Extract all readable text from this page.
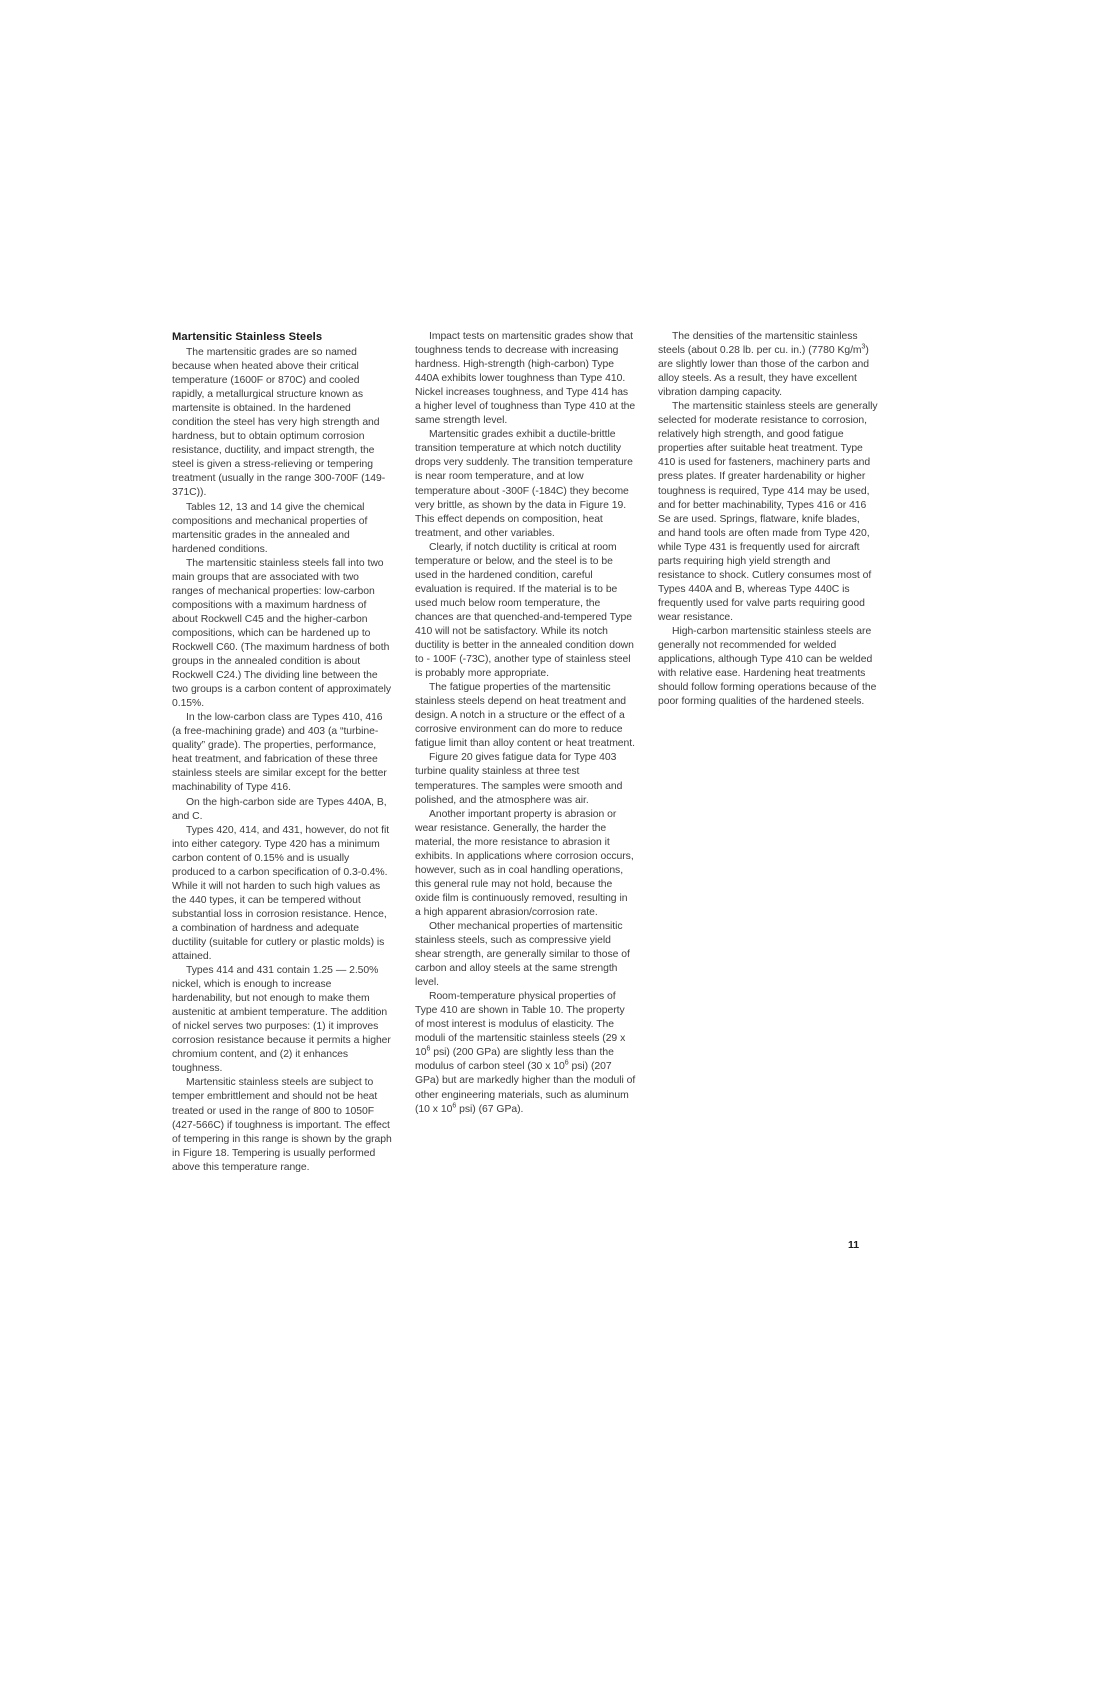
Martensitic Stainless Steels

The martensitic grades are so named because when heated above their critical temperature (1600F or 870C) and cooled rapidly, a metallurgical structure known as martensite is obtained. In the hardened condition the steel has very high strength and hardness, but to obtain optimum corrosion resistance, ductility, and impact strength, the steel is given a stress-relieving or tempering treatment (usually in the range 300-700F (149-371C)).

Tables 12, 13 and 14 give the chemical compositions and mechanical properties of martensitic grades in the annealed and hardened conditions.

The martensitic stainless steels fall into two main groups that are associated with two ranges of mechanical properties: low-carbon compositions with a maximum hardness of about Rockwell C45 and the higher-carbon compositions, which can be hardened up to Rockwell C60. (The maximum hardness of both groups in the annealed condition is about Rockwell C24.) The dividing line between the two groups is a carbon content of approximately 0.15%.

In the low-carbon class are Types 410, 416 (a free-machining grade) and 403 (a “turbine-quality” grade). The properties, performance, heat treatment, and fabrication of these three stainless steels are similar except for the better machinability of Type 416.

On the high-carbon side are Types 440A, B, and C.

Types 420, 414, and 431, however, do not fit into either category. Type 420 has a minimum carbon content of 0.15% and is usually produced to a carbon specification of 0.3-0.4%. While it will not harden to such high values as the 440 types, it can be tempered without substantial loss in corrosion resistance. Hence, a combination of hardness and adequate ductility (suitable for cutlery or plastic molds) is attained.

Types 414 and 431 contain 1.25 — 2.50% nickel, which is enough to increase hardenability, but not enough to make them austenitic at ambient temperature. The addition of nickel serves two purposes: (1) it improves corrosion resistance because it permits a higher chromium content, and (2) it enhances toughness.

Martensitic stainless steels are subject to temper embrittlement and should not be heat treated or used in the range of 800 to 1050F (427-566C) if toughness is important. The effect of tempering in this range is shown by the graph in Figure 18. Tempering is usually performed above this temperature range.

Impact tests on martensitic grades show that toughness tends to decrease with increasing hardness. High-strength (high-carbon) Type 440A exhibits lower toughness than Type 410. Nickel increases toughness, and Type 414 has a higher level of toughness than Type 410 at the same strength level.

Martensitic grades exhibit a ductile-brittle transition temperature at which notch ductility drops very suddenly. The transition temperature is near room temperature, and at low temperature about -300F (-184C) they become very brittle, as shown by the data in Figure 19. This effect depends on composition, heat treatment, and other variables.

Clearly, if notch ductility is critical at room temperature or below, and the steel is to be used in the hardened condition, careful evaluation is required. If the material is to be used much below room temperature, the chances are that quenched-and-tempered Type 410 will not be satisfactory. While its notch ductility is better in the annealed condition down to - 100F (-73C), another type of stainless steel is probably more appropriate.

The fatigue properties of the martensitic stainless steels depend on heat treatment and design. A notch in a structure or the effect of a corrosive environment can do more to reduce fatigue limit than alloy content or heat treatment.

Figure 20 gives fatigue data for Type 403 turbine quality stainless at three test temperatures. The samples were smooth and polished, and the atmosphere was air.

Another important property is abrasion or wear resistance. Generally, the harder the material, the more resistance to abrasion it exhibits. In applications where corrosion occurs, however, such as in coal handling operations, this general rule may not hold, because the oxide film is continuously removed, resulting in a high apparent abrasion/corrosion rate.

Other mechanical properties of martensitic stainless steels, such as compressive yield shear strength, are generally similar to those of carbon and alloy steels at the same strength level.

Room-temperature physical properties of Type 410 are shown in Table 10. The property of most interest is modulus of elasticity. The moduli of the martensitic stainless steels (29 x $10^6$ psi) (200 GPa) are slightly less than the modulus of carbon steel (30 x $10^6$ psi) (207 GPa) but are markedly higher than the moduli of other engineering materials, such as aluminum (10 x $10^6$ psi) (67 GPa).

The densities of the martensitic stainless steels (about 0.28 lb. per cu. in.) (7780 $Kg/m^3$) are slightly lower than those of the carbon and alloy steels. As a result, they have excellent vibration damping capacity.

The martensitic stainless steels are generally selected for moderate resistance to corrosion, relatively high strength, and good fatigue properties after suitable heat treatment. Type 410 is used for fasteners, machinery parts and press plates. If greater hardenability or higher toughness is required, Type 414 may be used, and for better machinability, Types 416 or 416 Se are used. Springs, flatware, knife blades, and hand tools are often made from Type 420, while Type 431 is frequently used for aircraft parts requiring high yield strength and resistance to shock. Cutlery consumes most of Types 440A and B, whereas Type 440C is frequently used for valve parts requiring good wear resistance.

High-carbon martensitic stainless steels are generally not recommended for welded applications, although Type 410 can be welded with relative ease. Hardening heat treatments should follow forming operations because of the poor forming qualities of the hardened steels.

11
